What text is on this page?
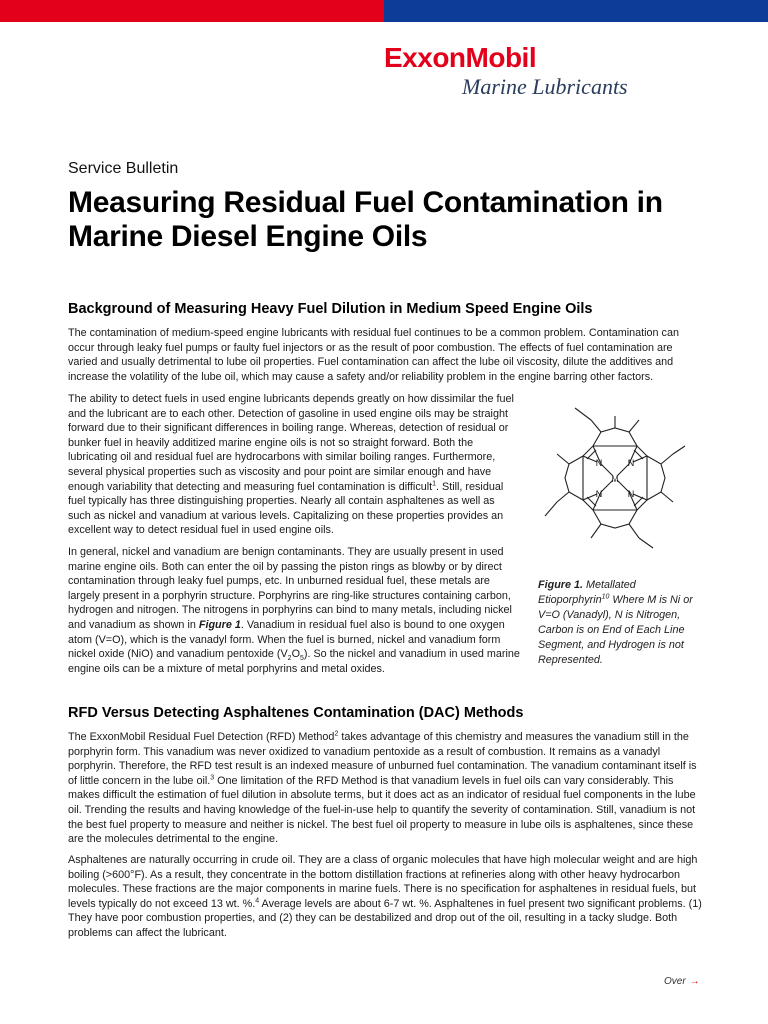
ExxonMobil
Marine Lubricants
Service Bulletin
Measuring Residual Fuel Contamination in Marine Diesel Engine Oils
Background of Measuring Heavy Fuel Dilution in Medium Speed Engine Oils

The contamination of medium-speed engine lubricants with residual fuel continues to be a common problem. Contamination can occur through leaky fuel pumps or faulty fuel injectors or as the result of poor combustion. The effects of fuel contamination are varied and usually detrimental to lube oil properties. Fuel contamination can affect the lube oil viscosity, dilute the additives and increase the volatility of the lube oil, which may cause a safety and/or reliability problem in the engine barring other factors.

The ability to detect fuels in used engine lubricants depends greatly on how dissimilar the fuel and the lubricant are to each other. Detection of gasoline in used engine oils may be straight forward due to their significant differences in boiling range. Whereas, detection of residual or bunker fuel in heavily additized marine engine oils is not so straight forward. Both the lubricating oil and residual fuel are hydrocarbons with similar boiling ranges. Furthermore, several physical properties such as viscosity and pour point are similar enough and have enough variability that detecting and measuring fuel contamination is difficult$^1$. Still, residual fuel typically has three distinguishing properties. Nearly all contain asphaltenes as well as such as nickel and vanadium at various levels. Capitalizing on these properties provides an excellent way to detect residual fuel in used engine oils.

In general, nickel and vanadium are benign contaminants. They are usually present in used marine engine oils. Both can enter the oil by passing the piston rings as blowby or by direct contamination through leaky fuel pumps, etc. In unburned residual fuel, these metals are largely present in a porphyrin structure. Porphyrins are ring-like structures containing carbon, hydrogen and nitrogen. The nitrogens in porphyrins can bind to many metals, including nickel and vanadium as shown in Figure 1. Vanadium in residual fuel also is bound to one oxygen atom (V=O), which is the vanadyl form. When the fuel is burned, nickel and vanadium form nickel oxide (NiO) and vanadium pentoxide $(V_2O_5)$. So the nickel and vanadium in used marine engine oils can be a mixture of metal porphyrins and metal oxides.

N	N
M
N	N
Figure 1. Metallated Etioporphyrin$^{10}$ Where M is Ni or V=O (Vanadyl), N is Nitrogen, Carbon is on End of Each Line Segment, and Hydrogen is not Represented.
RFD Versus Detecting Asphaltenes Contamination (DAC) Methods

The ExxonMobil Residual Fuel Detection (RFD) Method$^2$ takes advantage of this chemistry and measures the vanadium still in the porphyrin form. This vanadium was never oxidized to vanadium pentoxide as a result of combustion. It remains as a vanadyl porphyrin. Therefore, the RFD test result is an indexed measure of unburned fuel contamination. The vanadium contaminant itself is of little concern in the lube oil.$^3$ One limitation of the RFD Method is that vanadium levels in fuel oils can vary considerably. This makes difficult the estimation of fuel dilution in absolute terms, but it does act as an indicator of residual fuel components in the lube oil. Trending the results and having knowledge of the fuel-in-use help to quantify the severity of contamination. Still, vanadium is not the best fuel property to measure and neither is nickel. The best fuel oil property to measure in lube oils is asphaltenes, since these are the molecules detrimental to the engine.

Asphaltenes are naturally occurring in crude oil. They are a class of organic molecules that have high molecular weight and are high boiling (>600°F). As a result, they concentrate in the bottom distillation fractions at refineries along with other heavy hydrocarbon molecules. These fractions are the major components in marine fuels. There is no specification for asphaltenes in residual fuels, but levels typically do not exceed 13 wt. %.$^4$ Average levels are about 6-7 wt. %. Asphaltenes in fuel present two significant problems. (1) They have poor combustion properties, and (2) they can be destabilized and drop out of the oil, resulting in a tacky sludge. Both problems can affect the lubricant.

Over →
